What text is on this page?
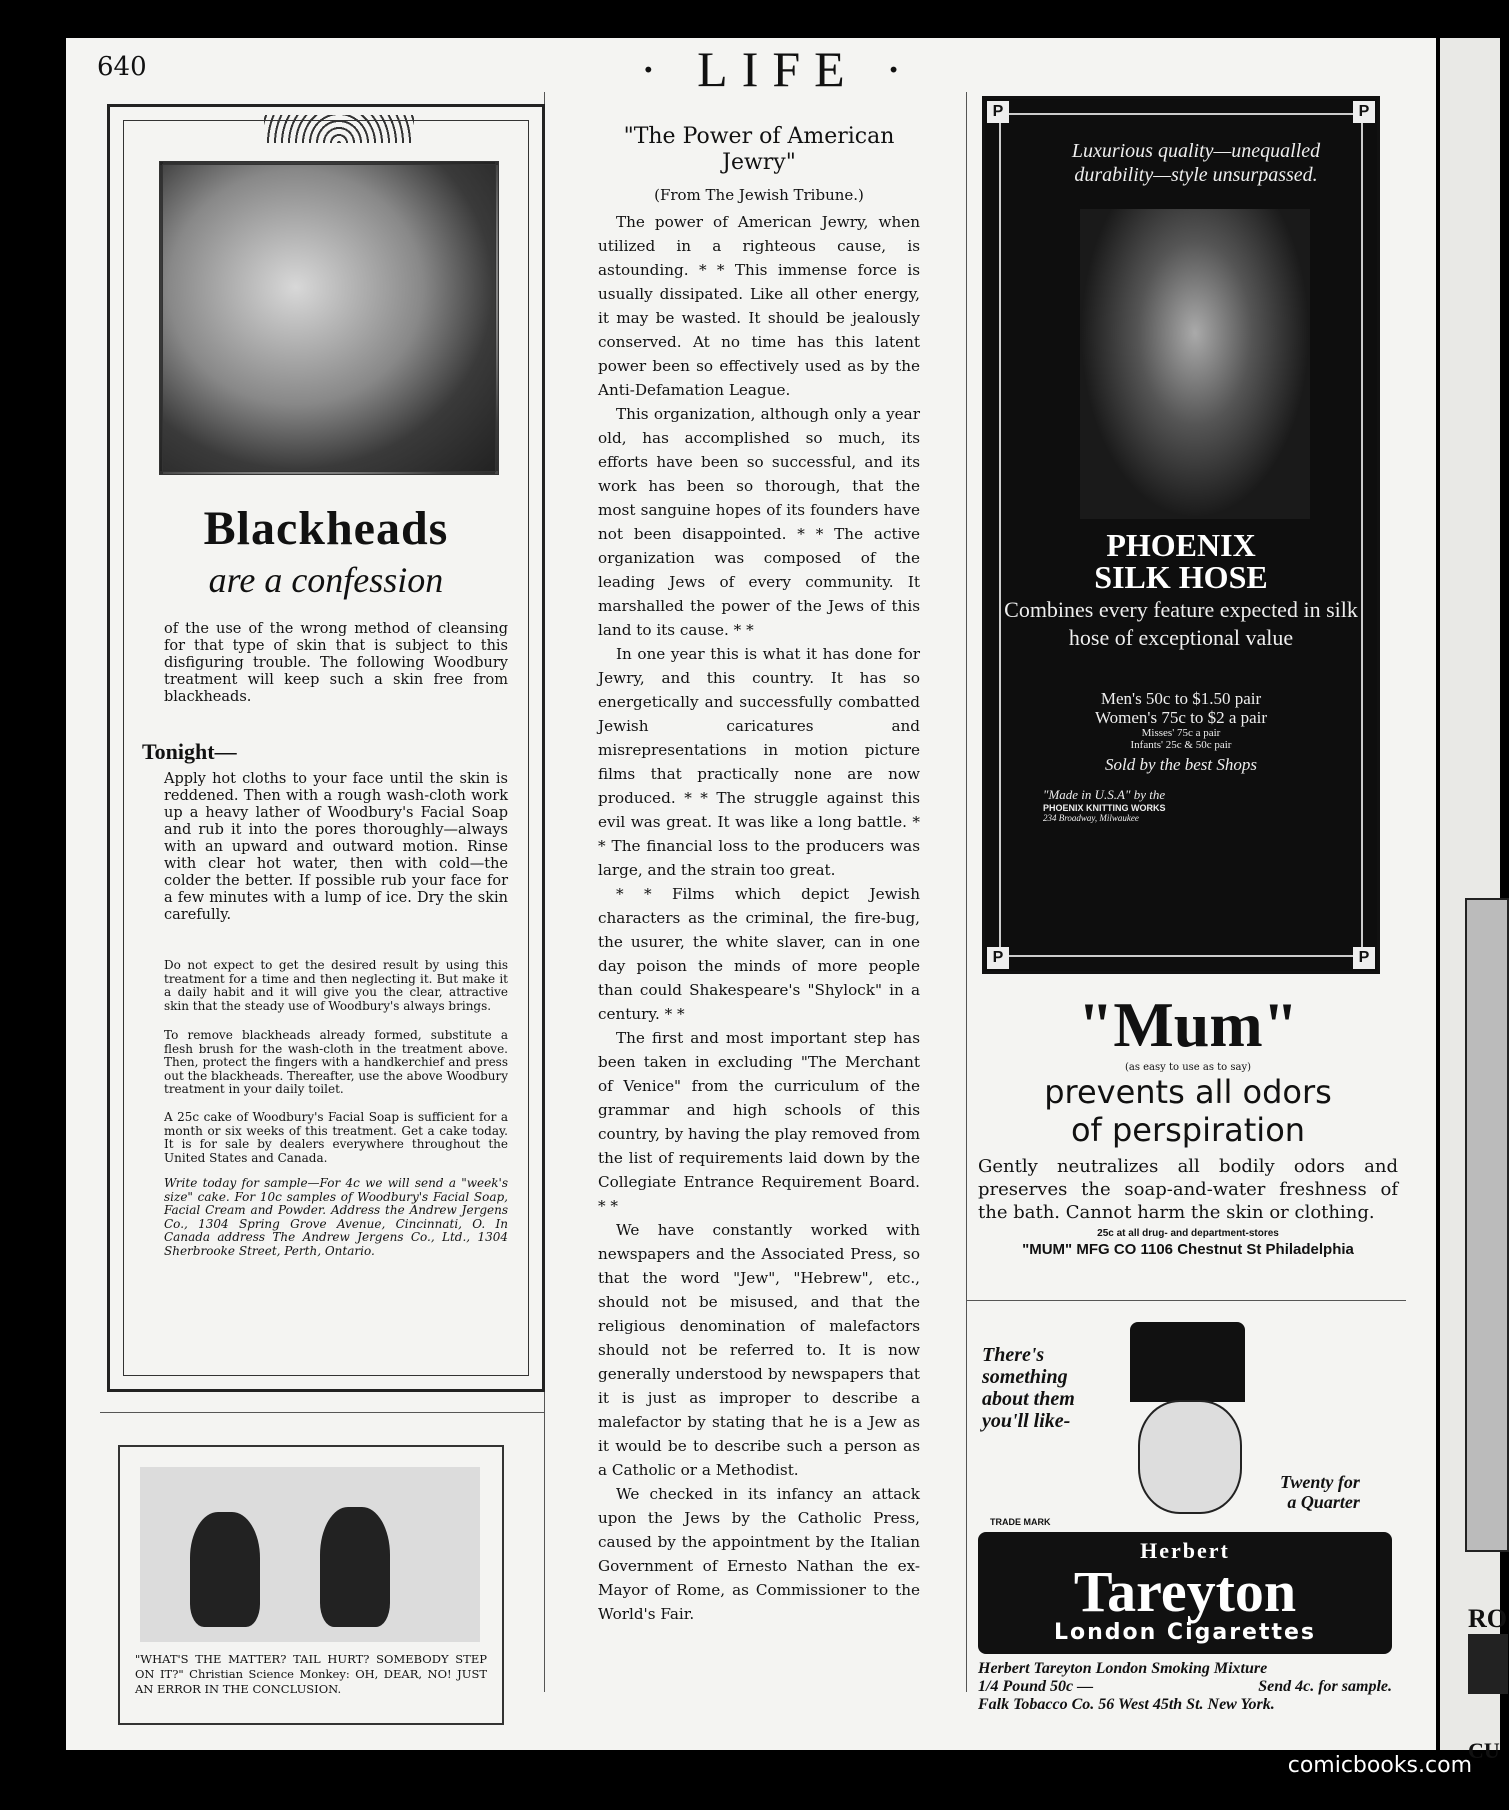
RO
CU
640	· LIFE ·
Blackheads
are a confession
of the use of the wrong method of cleansing for that type of skin that is subject to this disfiguring trouble. The following Woodbury treatment will keep such a skin free from blackheads.
Tonight—
Apply hot cloths to your face until the skin is reddened. Then with a rough wash-cloth work up a heavy lather of Woodbury's Facial Soap and rub it into the pores thoroughly—always with an upward and outward motion. Rinse with clear hot water, then with cold—the colder the better. If possible rub your face for a few minutes with a lump of ice. Dry the skin carefully.
Do not expect to get the desired result by using this treatment for a time and then neglecting it. But make it a daily habit and it will give you the clear, attractive skin that the steady use of Woodbury's always brings.
To remove blackheads already formed, substitute a flesh brush for the wash-cloth in the treatment above. Then, protect the fingers with a handkerchief and press out the blackheads. Thereafter, use the above Woodbury treatment in your daily toilet.
A 25c cake of Woodbury's Facial Soap is sufficient for a month or six weeks of this treatment. Get a cake today. It is for sale by dealers everywhere throughout the United States and Canada.
Write today for sample—For 4c we will send a "week's size" cake. For 10c samples of Woodbury's Facial Soap, Facial Cream and Powder. Address the Andrew Jergens Co., 1304 Spring Grove Avenue, Cincinnati, O. In Canada address The Andrew Jergens Co., Ltd., 1304 Sherbrooke Street, Perth, Ontario.
"WHAT'S THE MATTER? TAIL HURT? SOMEBODY STEP ON IT?" Christian Science Monkey: OH, DEAR, NO! JUST AN ERROR IN THE CONCLUSION.

"The Power of American Jewry"

(From The Jewish Tribune.)

The power of American Jewry, when utilized in a righteous cause, is astounding. * * This immense force is usually dissipated. Like all other energy, it may be wasted. It should be jealously conserved. At no time has this latent power been so effectively used as by the Anti-Defamation League.

This organization, although only a year old, has accomplished so much, its efforts have been so successful, and its work has been so thorough, that the most sanguine hopes of its founders have not been disappointed. * * The active organization was composed of the leading Jews of every community. It marshalled the power of the Jews of this land to its cause. * *

In one year this is what it has done for Jewry, and this country. It has so energetically and successfully combatted Jewish caricatures and misrepresentations in motion picture films that practically none are now produced. * * The struggle against this evil was great. It was like a long battle. * * The financial loss to the producers was large, and the strain too great.

* * Films which depict Jewish characters as the criminal, the fire-bug, the usurer, the white slaver, can in one day poison the minds of more people than could Shakespeare's "Shylock" in a century. * *

The first and most important step has been taken in excluding "The Merchant of Venice" from the curriculum of the grammar and high schools of this country, by having the play removed from the list of requirements laid down by the Collegiate Entrance Requirement Board. * *

We have constantly worked with newspapers and the Associated Press, so that the word "Jew", "Hebrew", etc., should not be misused, and that the religious denomination of malefactors should not be referred to. It is now generally understood by newspapers that it is just as improper to describe a malefactor by stating that he is a Jew as it would be to describe such a person as a Catholic or a Methodist.

We checked in its infancy an attack upon the Jews by the Catholic Press, caused by the appointment by the Italian Government of Ernesto Nathan the ex-Mayor of Rome, as Commissioner to the World's Fair.

P	P
P	P
Luxurious quality—unequalled durability—style unsurpassed.
PHOENIX
SILK HOSE
Combines every feature expected in silk hose of exceptional value
Men's 50c to $1.50 pair
Women's 75c to $2 a pair
Misses' 75c a pair
Infants' 25c & 50c pair
Sold by the best Shops
"Made in U.S.A" by the
PHOENIX KNITTING WORKS
234 Broadway, Milwaukee
"Mum"
(as easy to use as to say)
prevents all odors
of perspiration
Gently neutralizes all bodily odors and preserves the soap-and-water freshness of the bath. Cannot harm the skin or clothing.
25c at all drug- and department-stores
"MUM" MFG CO 1106 Chestnut St Philadelphia
There's
something
about them
you'll like-
Twenty for
a Quarter
TRADE MARK
Herbert
Tareyton
London Cigarettes
Herbert Tareyton London Smoking Mixture
1/4 Pound 50c —	Send 4c. for sample.
Falk Tobacco Co. 56 West 45th St. New York.
comicbooks.com
